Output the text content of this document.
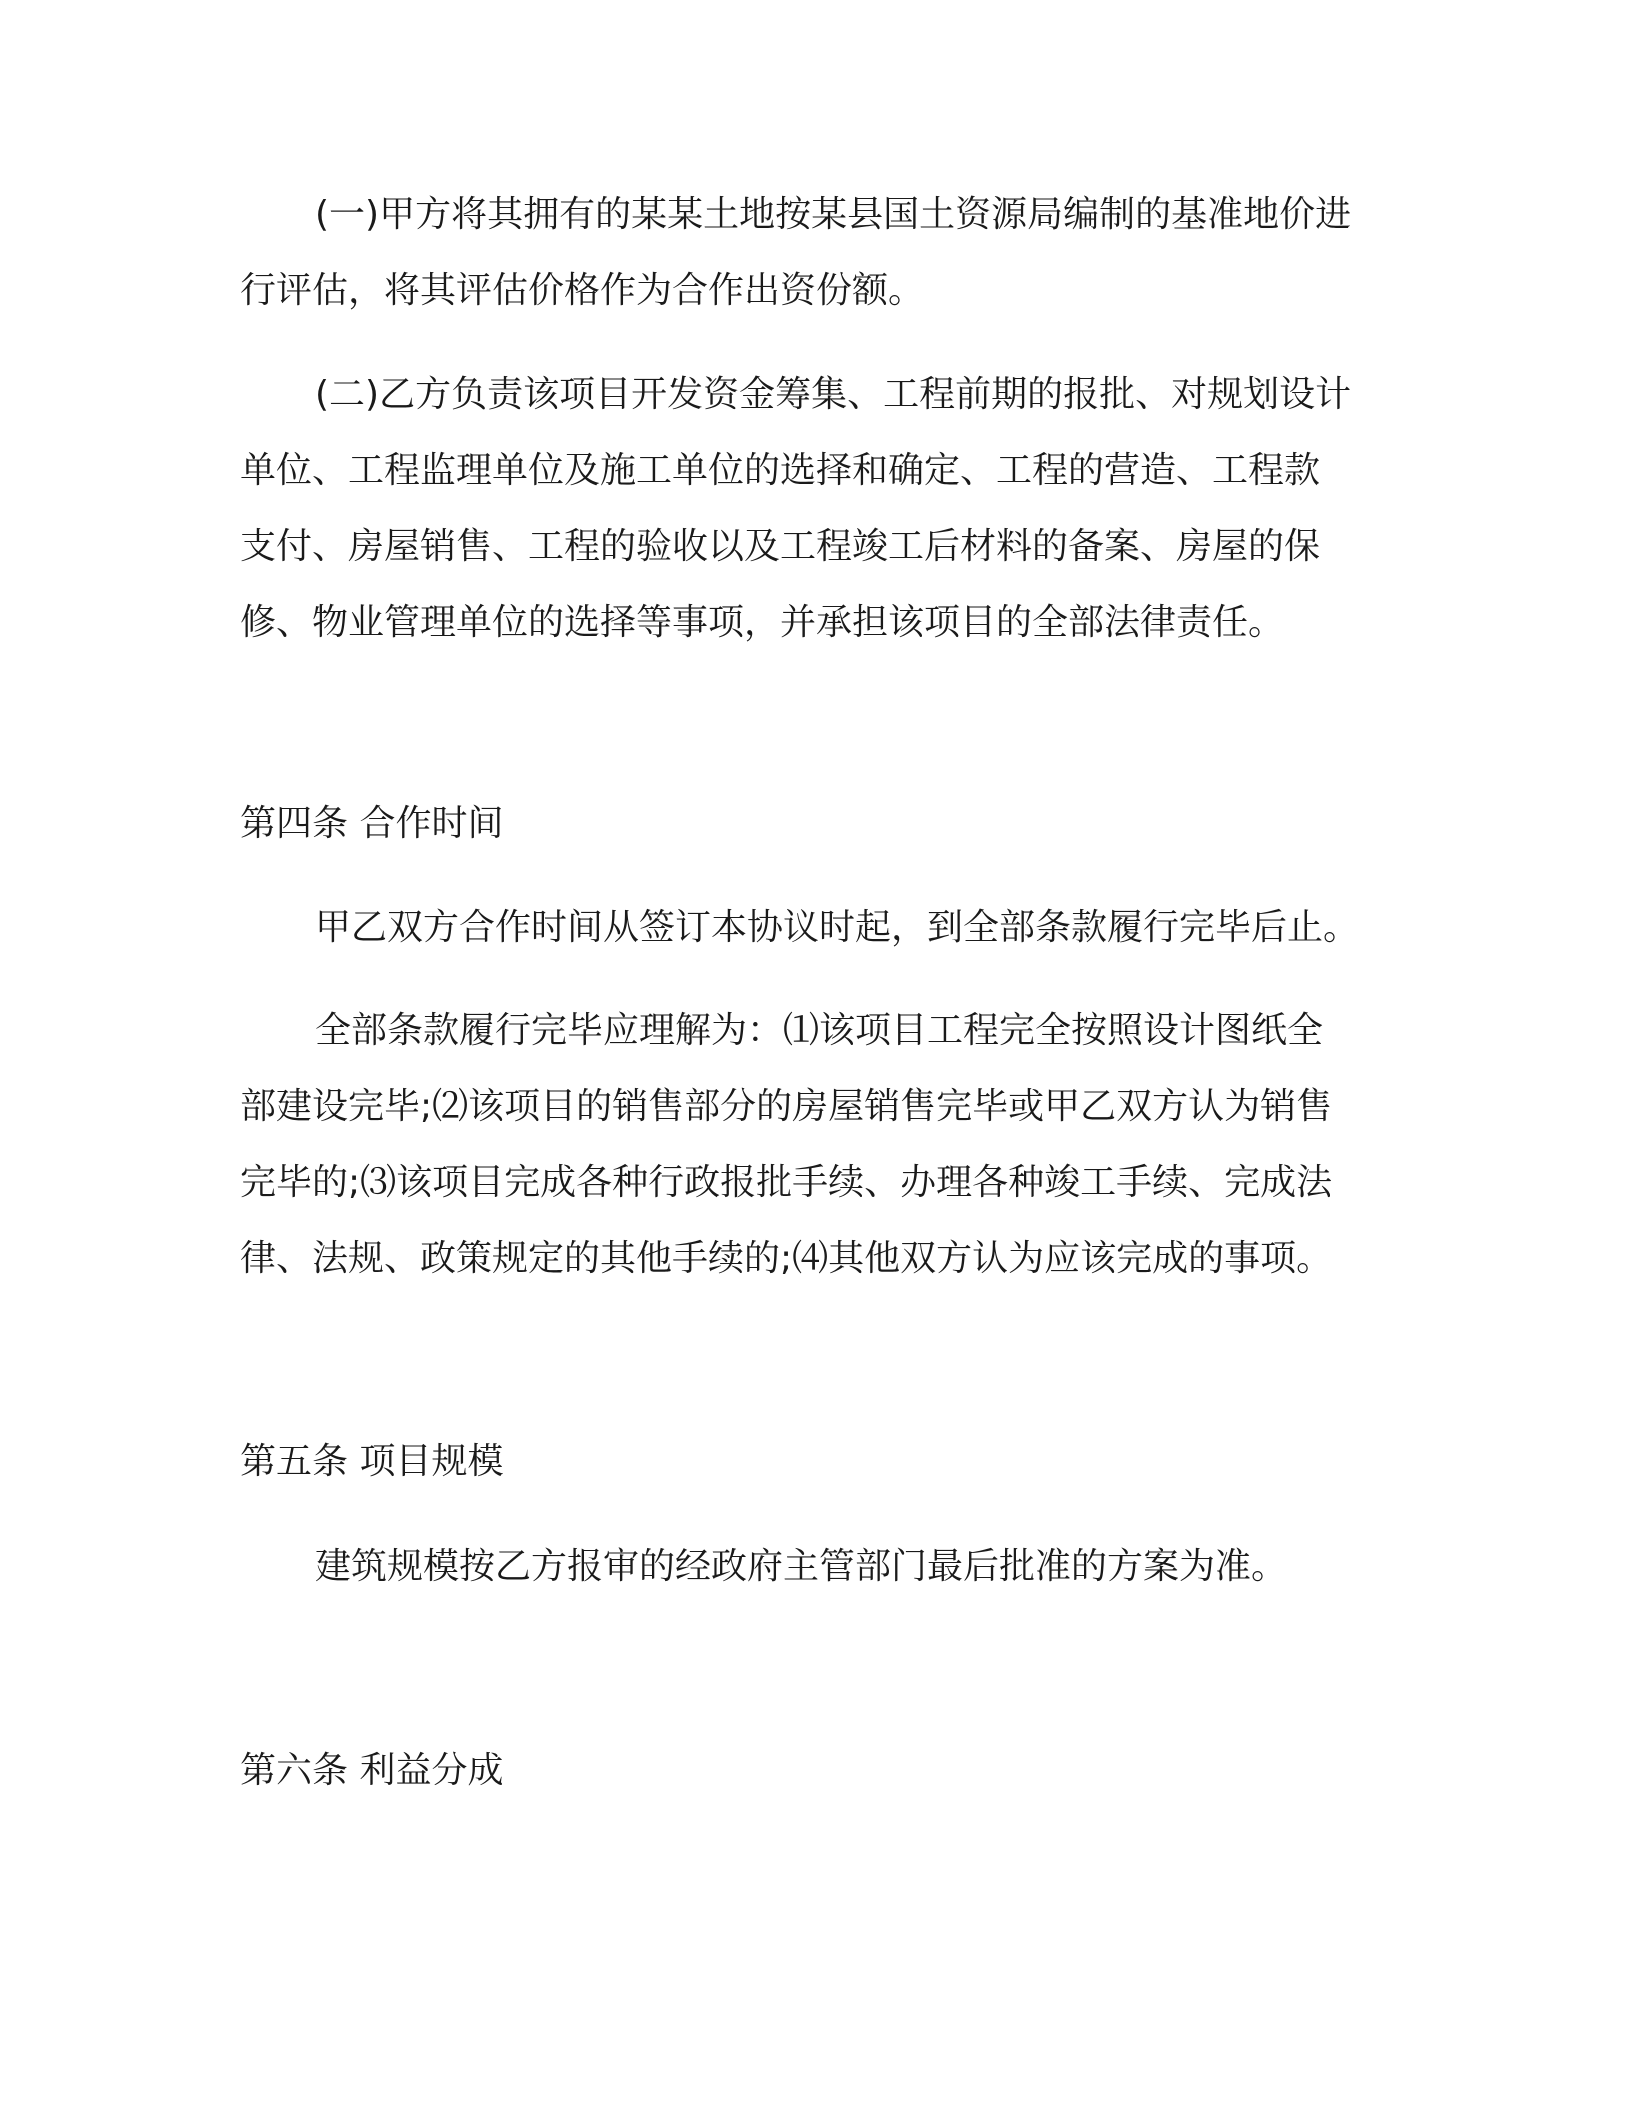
(一)甲方将其拥有的某某土地按某县国土资源局编制的基准地价进
行评估，将其评估价格作为合作出资份额。

(二)乙方负责该项目开发资金筹集、工程前期的报批、对规划设计
单位、工程监理单位及施工单位的选择和确定、工程的营造、工程款
支付、房屋销售、工程的验收以及工程竣工后材料的备案、房屋的保
修、物业管理单位的选择等事项，并承担该项目的全部法律责任。

第四条 合作时间

甲乙双方合作时间从签订本协议时起，到全部条款履行完毕后止。

全部条款履行完毕应理解为：⑴该项目工程完全按照设计图纸全
部建设完毕;⑵该项目的销售部分的房屋销售完毕或甲乙双方认为销售
完毕的;⑶该项目完成各种行政报批手续、办理各种竣工手续、完成法
律、法规、政策规定的其他手续的;⑷其他双方认为应该完成的事项。

第五条 项目规模

建筑规模按乙方报审的经政府主管部门最后批准的方案为准。

第六条 利益分成
